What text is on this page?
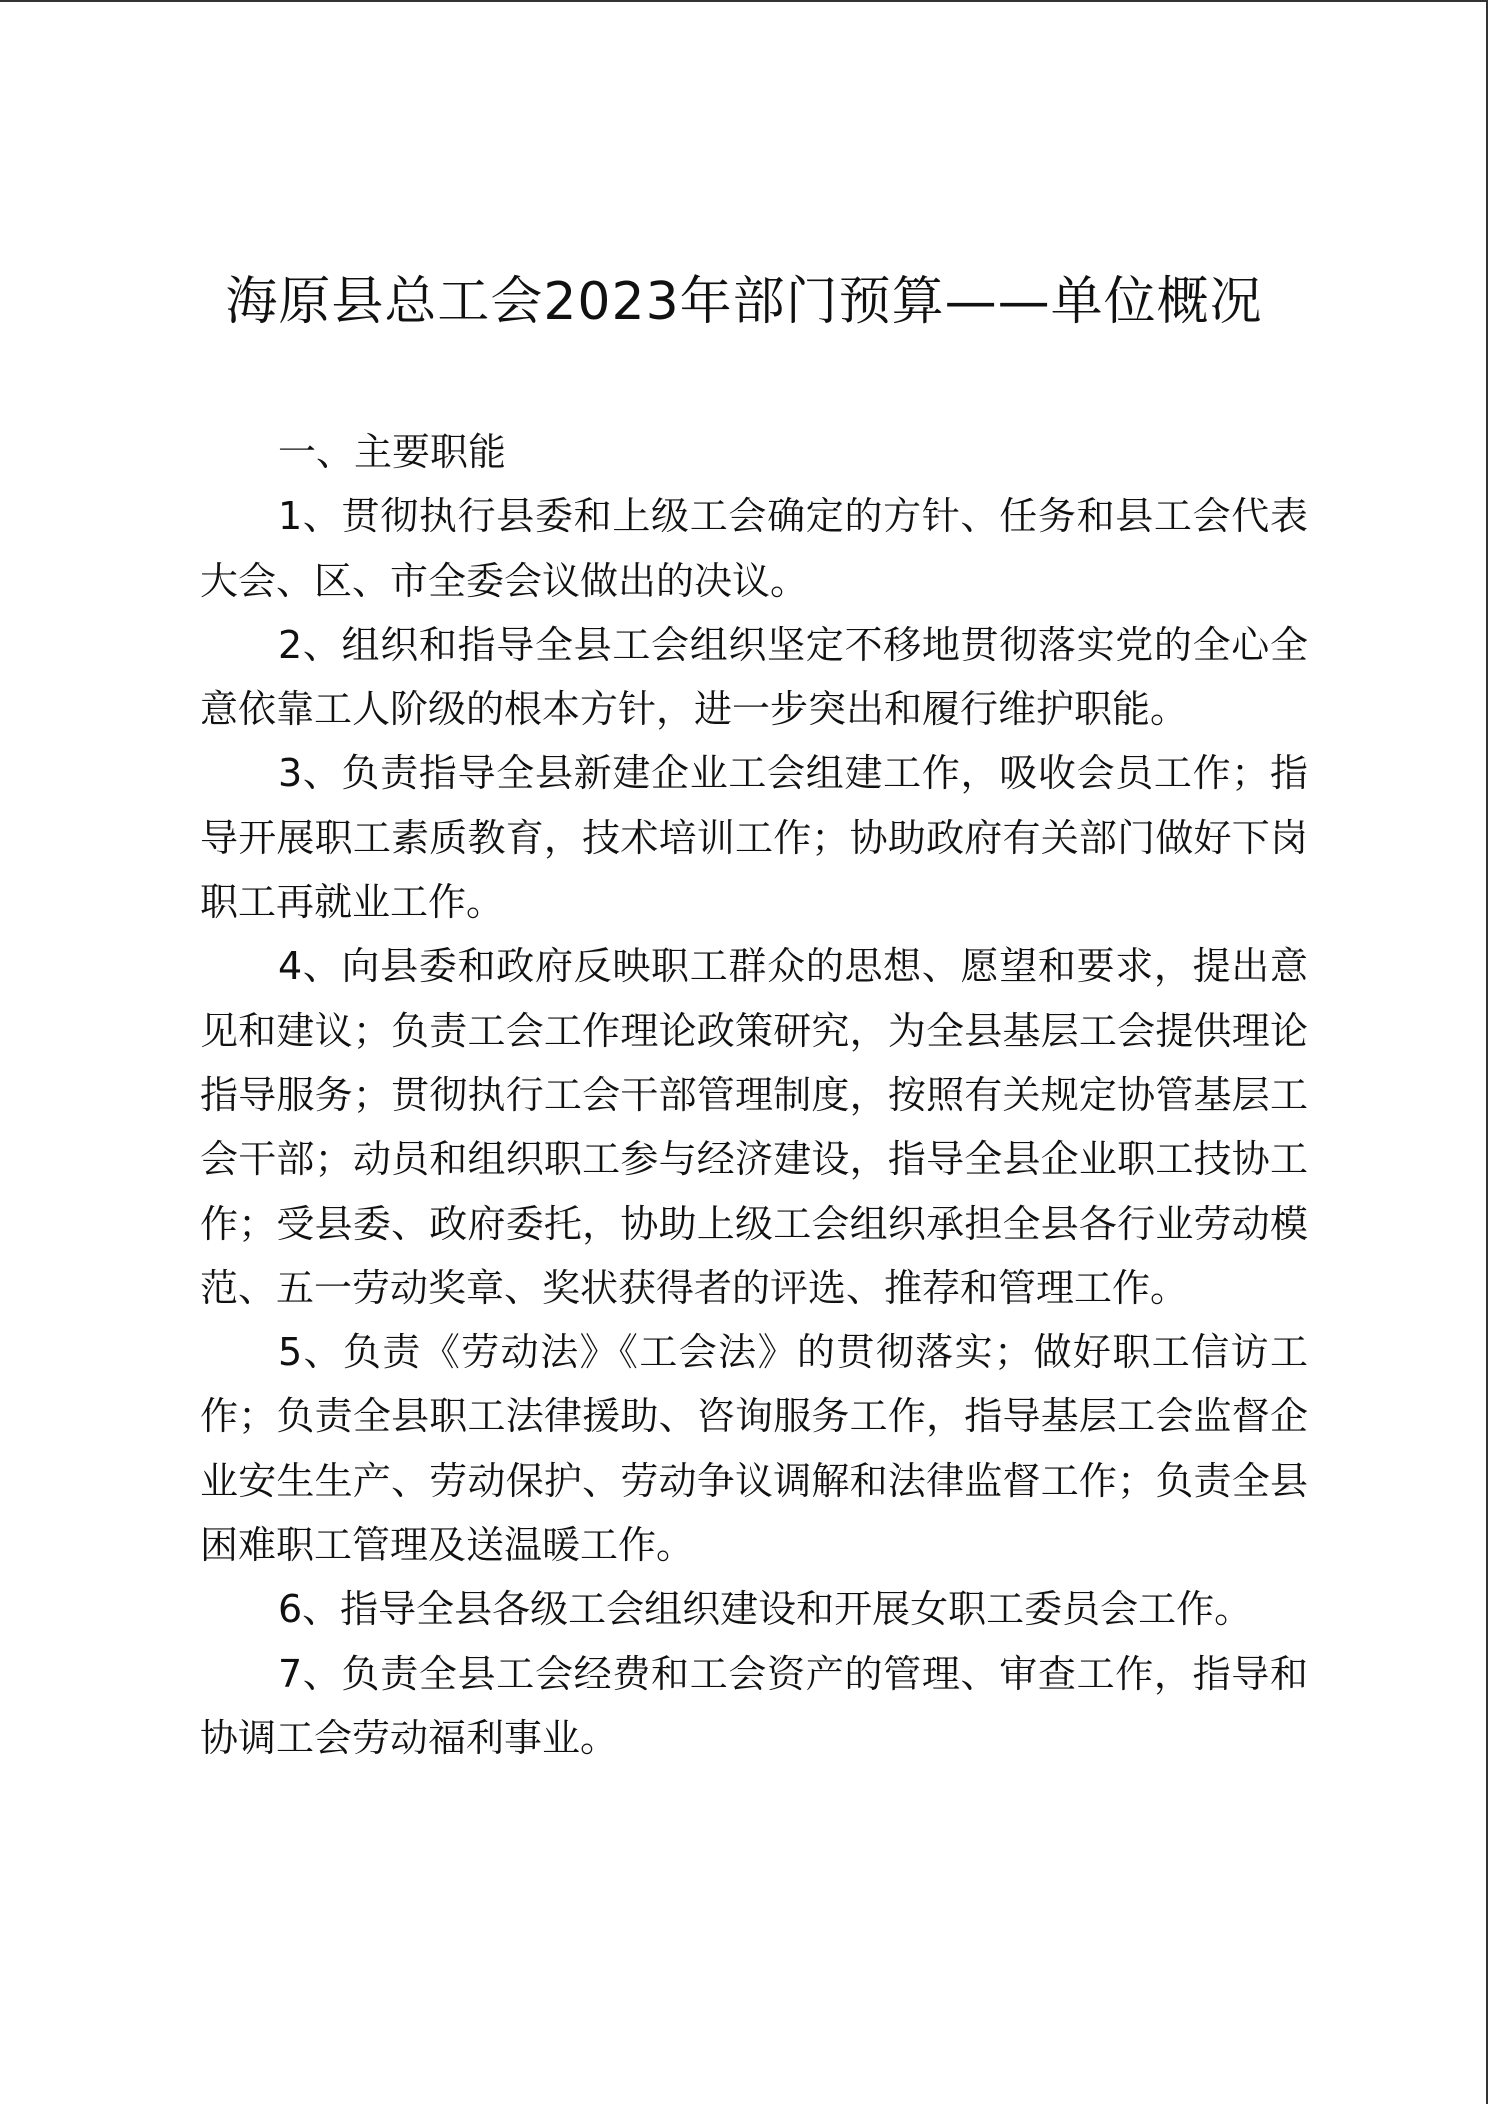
海原县总工会2023年部门预算——单位概况

一、主要职能

1、贯彻执行县委和上级工会确定的方针、任务和县工会代表大会、区、市全委会议做出的决议。

2、组织和指导全县工会组织坚定不移地贯彻落实党的全心全意依靠工人阶级的根本方针，进一步突出和履行维护职能。

3、负责指导全县新建企业工会组建工作，吸收会员工作；指导开展职工素质教育，技术培训工作；协助政府有关部门做好下岗职工再就业工作。

4、向县委和政府反映职工群众的思想、愿望和要求，提出意见和建议；负责工会工作理论政策研究，为全县基层工会提供理论指导服务；贯彻执行工会干部管理制度，按照有关规定协管基层工会干部；动员和组织职工参与经济建设，指导全县企业职工技协工作；受县委、政府委托，协助上级工会组织承担全县各行业劳动模范、五一劳动奖章、奖状获得者的评选、推荐和管理工作。

5、负责《劳动法》《工会法》的贯彻落实；做好职工信访工作；负责全县职工法律援助、咨询服务工作，指导基层工会监督企业安生生产、劳动保护、劳动争议调解和法律监督工作；负责全县困难职工管理及送温暖工作。

6、指导全县各级工会组织建设和开展女职工委员会工作。

7、负责全县工会经费和工会资产的管理、审查工作，指导和协调工会劳动福利事业。
